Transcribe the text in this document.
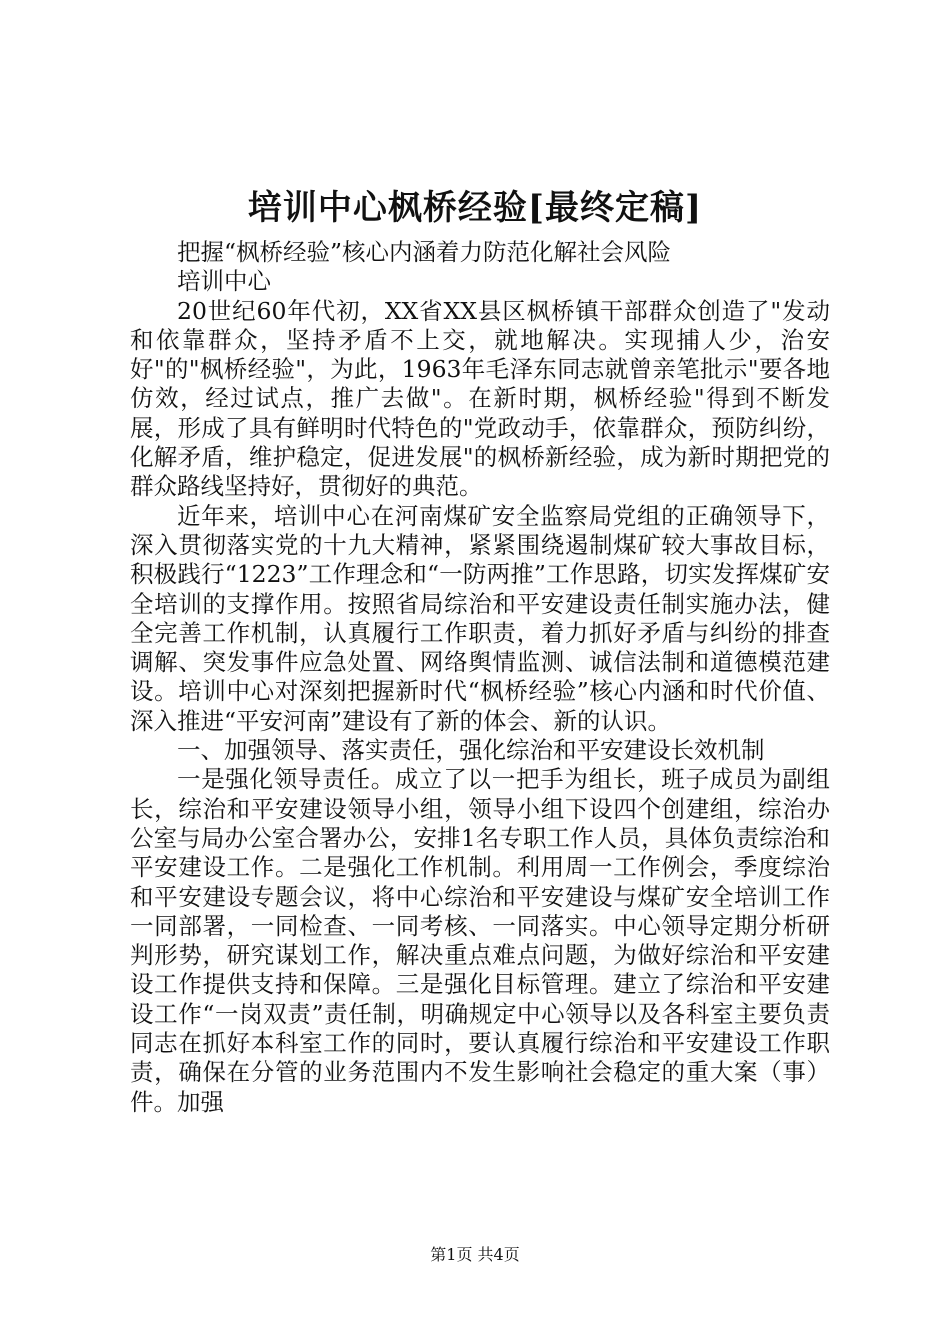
培训中心枫桥经验[最终定稿]

把握“枫桥经验”核心内涵着力防范化解社会风险

培训中心

20世纪60年代初，XX省XX县区枫桥镇干部群众创造了"发动和依靠群众，坚持矛盾不上交，就地解决。实现捕人少，治安好"的"枫桥经验"，为此，1963年毛泽东同志就曾亲笔批示"要各地仿效，经过试点，推广去做"。在新时期，枫桥经验"得到不断发展，形成了具有鲜明时代特色的"党政动手，依靠群众，预防纠纷，化解矛盾，维护稳定，促进发展"的枫桥新经验，成为新时期把党的群众路线坚持好，贯彻好的典范。

近年来，培训中心在河南煤矿安全监察局党组的正确领导下，深入贯彻落实党的十九大精神，紧紧围绕遏制煤矿较大事故目标，积极践行“1223”工作理念和“一防两推”工作思路，切实发挥煤矿安全培训的支撑作用。按照省局综治和平安建设责任制实施办法，健全完善工作机制，认真履行工作职责，着力抓好矛盾与纠纷的排查调解、突发事件应急处置、网络舆情监测、诚信法制和道德模范建设。培训中心对深刻把握新时代“枫桥经验”核心内涵和时代价值、深入推进“平安河南”建设有了新的体会、新的认识。

一、加强领导、落实责任，强化综治和平安建设长效机制

一是强化领导责任。成立了以一把手为组长，班子成员为副组长，综治和平安建设领导小组，领导小组下设四个创建组，综治办公室与局办公室合署办公，安排1名专职工作人员，具体负责综治和平安建设工作。二是强化工作机制。利用周一工作例会，季度综治和平安建设专题会议，将中心综治和平安建设与煤矿安全培训工作一同部署，一同检查、一同考核、一同落实。中心领导定期分析研判形势，研究谋划工作，解决重点难点问题，为做好综治和平安建设工作提供支持和保障。三是强化目标管理。建立了综治和平安建设工作“一岗双责”责任制，明确规定中心领导以及各科室主要负责同志在抓好本科室工作的同时，要认真履行综治和平安建设工作职责，确保在分管的业务范围内不发生影响社会稳定的重大案（事）件。加强

第1页 共4页
